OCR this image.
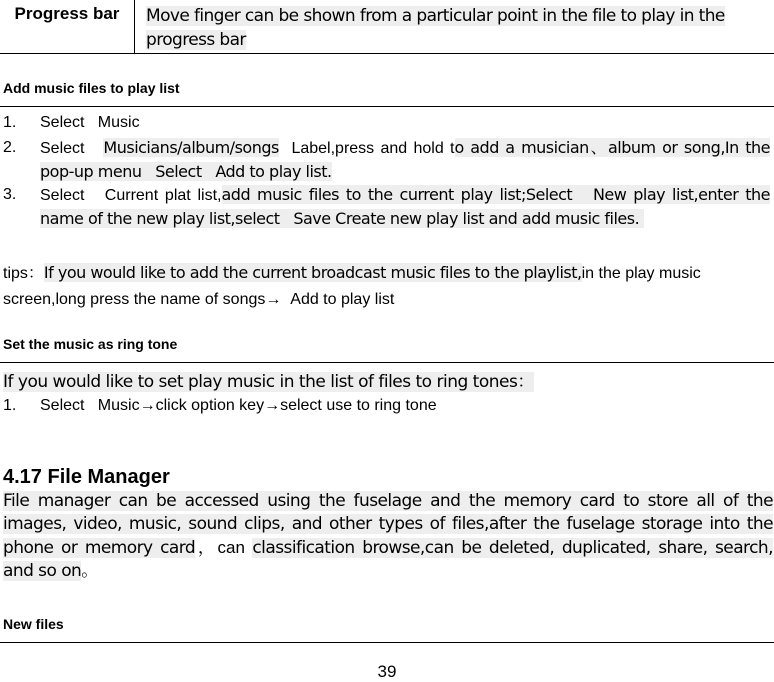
Progress bar	Move finger can be shown from a particular point in the file to play in the progress bar
Add music files to play list
1. Select   Music
2. Select   Musicians/album/songs  Label,press and hold to add a musician、album or song,In the pop-up menu   Select   Add to play list.
3. Select   Current plat list,add music files to the current play list;Select   New play list,enter the name of the new play list,select   Save Create new play list and add music files.
tips：If you would like to add the current broadcast music files to the playlist,in the play music screen,long press the name of songs→  Add to play list
Set the music as ring tone
If you would like to set play music in the list of files to ring tones：
1. Select   Music→click option key→select use to ring tone
4.17 File Manager
File manager can be accessed using the fuselage and the memory card to store all of the images, video, music, sound clips, and other types of files,after the fuselage storage into the phone or memory card，can classification browse,can be deleted, duplicated, share, search, and so on。
New files
39
